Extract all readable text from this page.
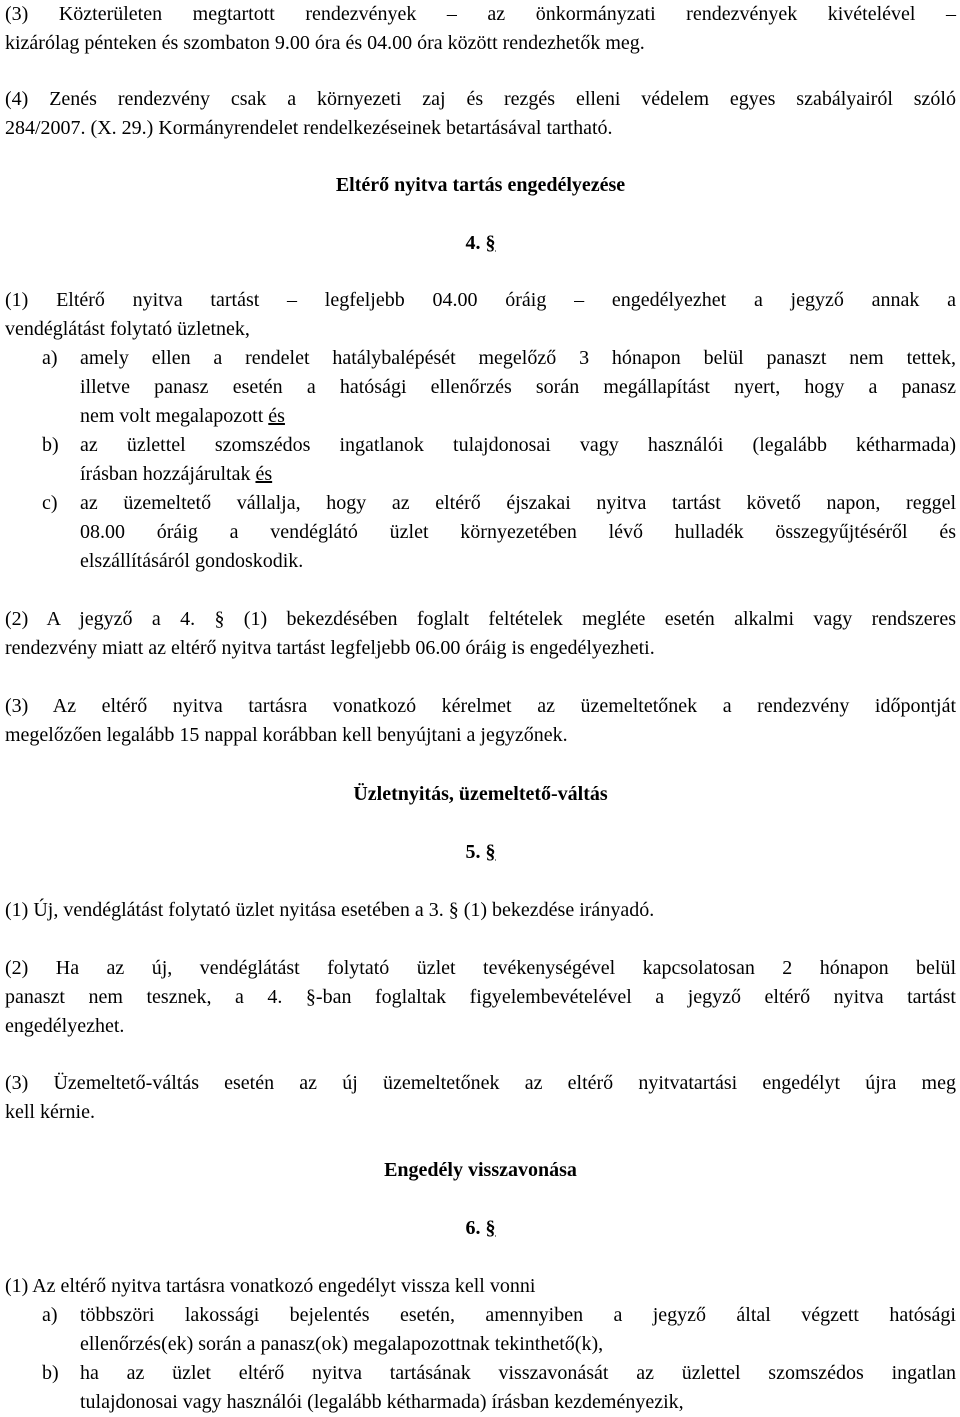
(3) Közterületen megtartott rendezvények – az önkormányzati rendezvények kivételével –
kizárólag pénteken és szombaton 9.00 óra és 04.00 óra között rendezhetők meg.
(4) Zenés rendezvény csak a környezeti zaj és rezgés elleni védelem egyes szabályairól szóló
284/2007. (X. 29.) Kormányrendelet rendelkezéseinek betartásával tartható.
Eltérő nyitva tartás engedélyezése
4. §
(1) Eltérő nyitva tartást – legfeljebb 04.00 óráig – engedélyezhet a jegyző annak a
vendéglátást folytató üzletnek,
a) amely ellen a rendelet hatálybalépését megelőző 3 hónapon belül panaszt nem tettek,
illetve panasz esetén a hatósági ellenőrzés során megállapítást nyert, hogy a panasz
nem volt megalapozott és
b) az üzlettel szomszédos ingatlanok tulajdonosai vagy használói (legalább kétharmada)
írásban hozzájárultak és
c) az üzemeltető vállalja, hogy az eltérő éjszakai nyitva tartást követő napon, reggel
08.00 óráig a vendéglátó üzlet környezetében lévő hulladék összegyűjtéséről és
elszállításáról gondoskodik.
(2) A jegyző a 4. § (1) bekezdésében foglalt feltételek megléte esetén alkalmi vagy rendszeres
rendezvény miatt az eltérő nyitva tartást legfeljebb 06.00 óráig is engedélyezheti.
(3) Az eltérő nyitva tartásra vonatkozó kérelmet az üzemeltetőnek a rendezvény időpontját
megelőzően legalább 15 nappal korábban kell benyújtani a jegyzőnek.
Üzletnyitás, üzemeltető-váltás
5. §
(1) Új, vendéglátást folytató üzlet nyitása esetében a 3. § (1) bekezdése irányadó.
(2) Ha az új, vendéglátást folytató üzlet tevékenységével kapcsolatosan 2 hónapon belül
panaszt nem tesznek, a 4. §-ban foglaltak figyelembevételével a jegyző eltérő nyitva tartást
engedélyezhet.
(3) Üzemeltető-váltás esetén az új üzemeltetőnek az eltérő nyitvatartási engedélyt újra meg
kell kérnie.
Engedély visszavonása
6. §
(1) Az eltérő nyitva tartásra vonatkozó engedélyt vissza kell vonni
a) többszöri lakossági bejelentés esetén, amennyiben a jegyző által végzett hatósági
ellenőrzés(ek) során a panasz(ok) megalapozottnak tekinthető(k),
b) ha az üzlet eltérő nyitva tartásának visszavonását az üzlettel szomszédos ingatlan
tulajdonosai vagy használói (legalább kétharmada) írásban kezdeményezik,
